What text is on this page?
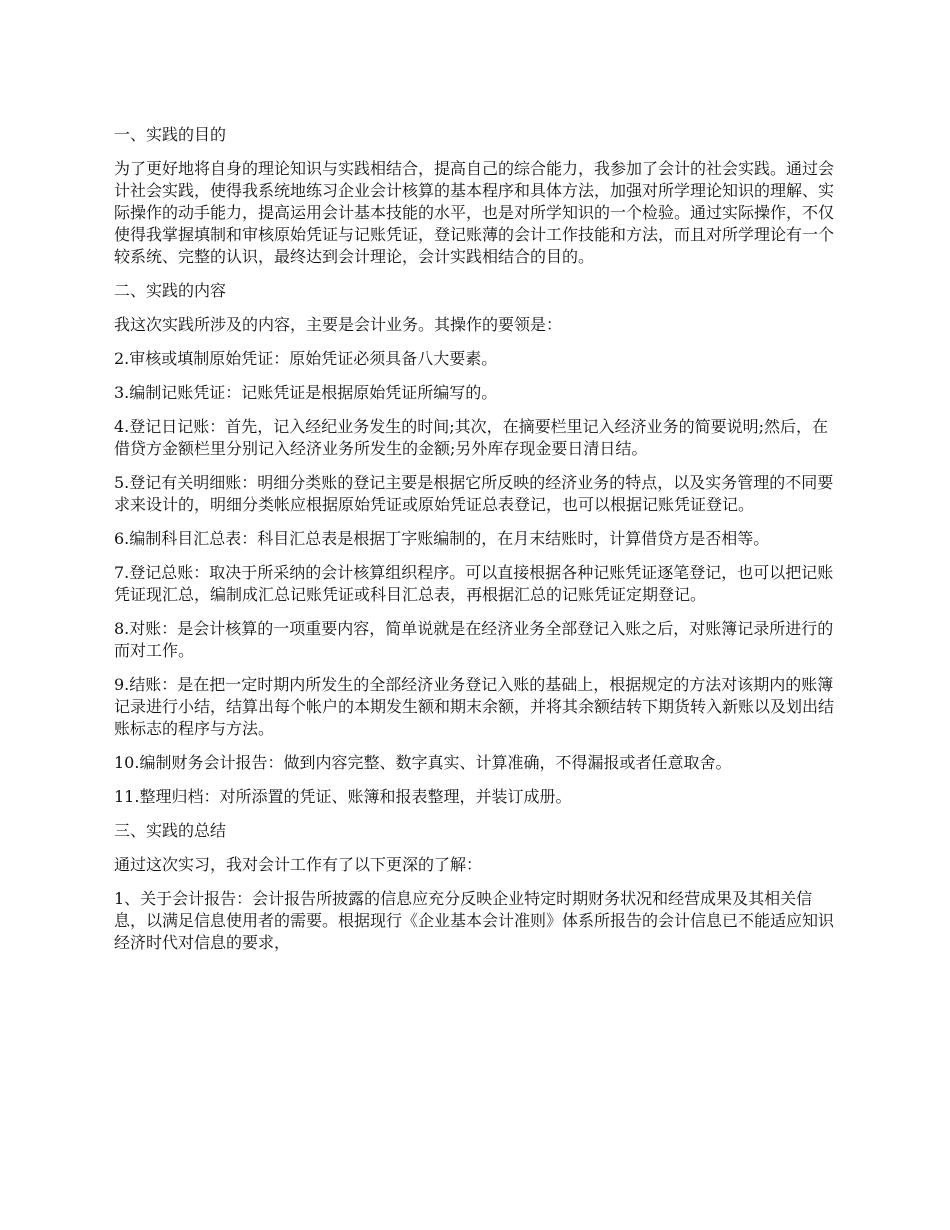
一、实践的目的

为了更好地将自身的理论知识与实践相结合，提高自己的综合能力，我参加了会计的社会实践。通过会计社会实践，使得我系统地练习企业会计核算的基本程序和具体方法，加强对所学理论知识的理解、实际操作的动手能力，提高运用会计基本技能的水平，也是对所学知识的一个检验。通过实际操作，不仅使得我掌握填制和审核原始凭证与记账凭证，登记账薄的会计工作技能和方法，而且对所学理论有一个较系统、完整的认识，最终达到会计理论，会计实践相结合的目的。

二、实践的内容

我这次实践所涉及的内容，主要是会计业务。其操作的要领是：

2.审核或填制原始凭证：原始凭证必须具备八大要素。

3.编制记账凭证：记账凭证是根据原始凭证所编写的。

4.登记日记账：首先，记入经纪业务发生的时间;其次，在摘要栏里记入经济业务的简要说明;然后，在借贷方金额栏里分别记入经济业务所发生的金额;另外库存现金要日清日结。

5.登记有关明细账：明细分类账的登记主要是根据它所反映的经济业务的特点，以及实务管理的不同要求来设计的，明细分类帐应根据原始凭证或原始凭证总表登记，也可以根据记账凭证登记。

6.编制科目汇总表：科目汇总表是根据丁字账编制的，在月末结账时，计算借贷方是否相等。

7.登记总账：取决于所采纳的会计核算组织程序。可以直接根据各种记账凭证逐笔登记，也可以把记账凭证现汇总，编制成汇总记账凭证或科目汇总表，再根据汇总的记账凭证定期登记。

8.对账：是会计核算的一项重要内容，简单说就是在经济业务全部登记入账之后，对账簿记录所进行的而对工作。

9.结账：是在把一定时期内所发生的全部经济业务登记入账的基础上，根据规定的方法对该期内的账簿记录进行小结，结算出每个帐户的本期发生额和期末余额，并将其余额结转下期货转入新账以及划出结账标志的程序与方法。

10.编制财务会计报告：做到内容完整、数字真实、计算准确，不得漏报或者任意取舍。

11.整理归档：对所添置的凭证、账簿和报表整理，并装订成册。

三、实践的总结

通过这次实习，我对会计工作有了以下更深的了解：

1、关于会计报告：会计报告所披露的信息应充分反映企业特定时期财务状况和经营成果及其相关信息，以满足信息使用者的需要。根据现行《企业基本会计准则》体系所报告的会计信息已不能适应知识经济时代对信息的要求，
